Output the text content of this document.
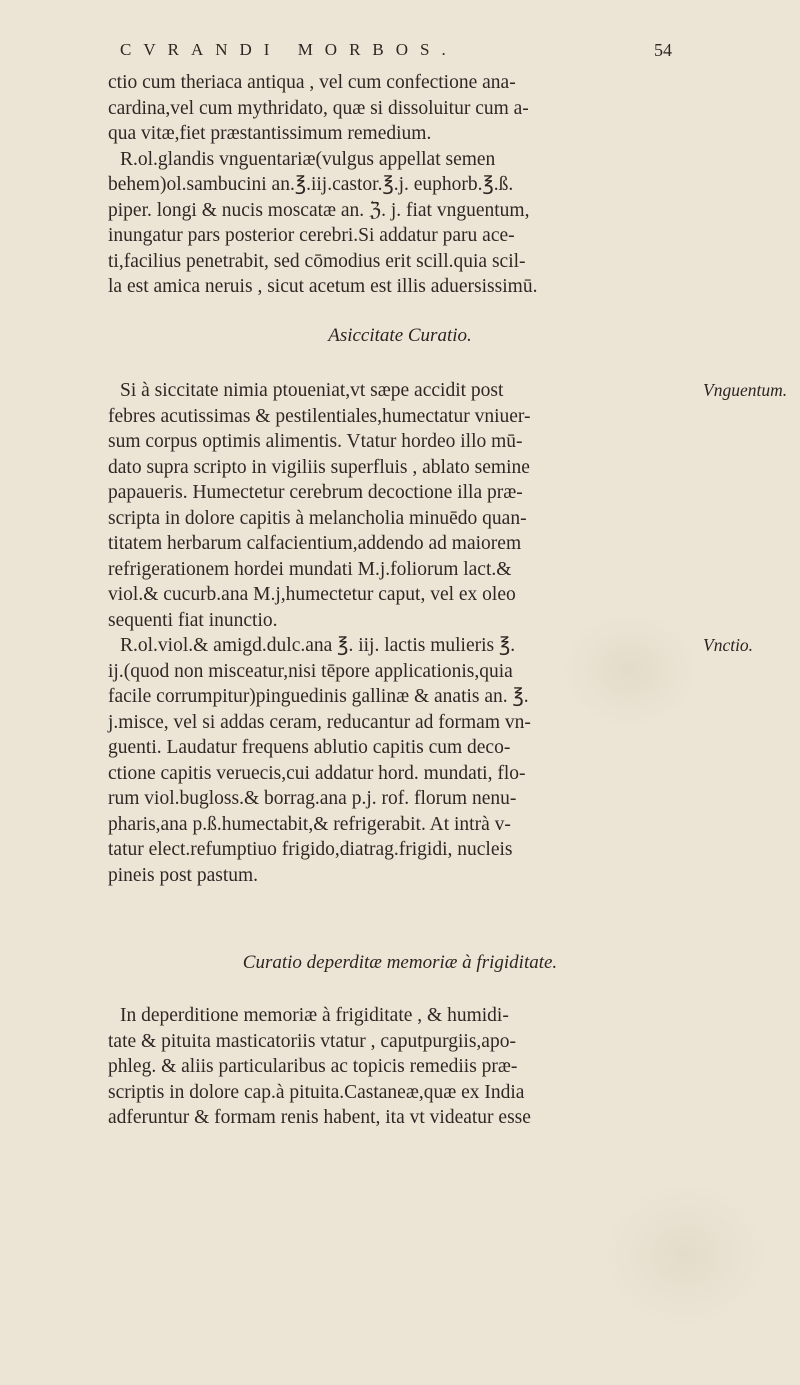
CVRANDI MORBOS.	54
ctio cum theriaca antiqua , vel cum confectione ana-
cardina,vel cum mythridato, quæ si dissoluitur cum a-
qua vitæ,fiet præstantissimum remedium.
R.ol.glandis vnguentariæ(vulgus appellat semen
behem)ol.sambucini an.℥.iij.castor.℥.j. euphorb.℥.ß.
piper. longi & nucis moscatæ an. ℨ. j. fiat vnguentum,
inungatur pars posterior cerebri.Si addatur paru ace-
ti,facilius penetrabit, sed cōmodius erit scill.quia scil-
la est amica neruis , sicut acetum est illis aduersissimū.
Asiccitate Curatio.
Si à siccitate nimia ptoueniat,vt sæpe accidit post
febres acutissimas & pestilentiales,humectatur vniuer-
sum corpus optimis alimentis. Vtatur hordeo illo mū-
dato supra scripto in vigiliis superfluis , ablato semine
papaueris. Humectetur cerebrum decoctione illa præ-
scripta in dolore capitis à melancholia minuēdo quan-
titatem herbarum calfacientium,addendo ad maiorem
refrigerationem hordei mundati M.j.foliorum lact.&
viol.& cucurb.ana M.j,humectetur caput, vel ex oleo
sequenti fiat inunctio.
R.ol.viol.& amigd.dulc.ana ℥. iij. lactis mulieris ℥.
ij.(quod non misceatur,nisi tēpore applicationis,quia
facile corrumpitur)pinguedinis gallinæ & anatis an. ℥.
j.misce, vel si addas ceram, reducantur ad formam vn-
guenti. Laudatur frequens ablutio capitis cum deco-
ctione capitis veruecis,cui addatur hord. mundati, flo-
rum viol.bugloss.& borrag.ana p.j. rof. florum nenu-
pharis,ana p.ß.humectabit,& refrigerabit. At intrà v-
tatur elect.refumptiuo frigido,diatrag.frigidi, nucleis
pineis post pastum.
Curatio deperditæ memoriæ à frigiditate.
In deperditione memoriæ à frigiditate , & humidi-
tate & pituita masticatoriis vtatur , caputpurgiis,apo-
phleg. & aliis particularibus ac topicis remediis præ-
scriptis in dolore cap.à pituita.Castaneæ,quæ ex India
adferuntur & formam renis habent, ita vt videatur esse
Vnguentum.
Vnctio.
